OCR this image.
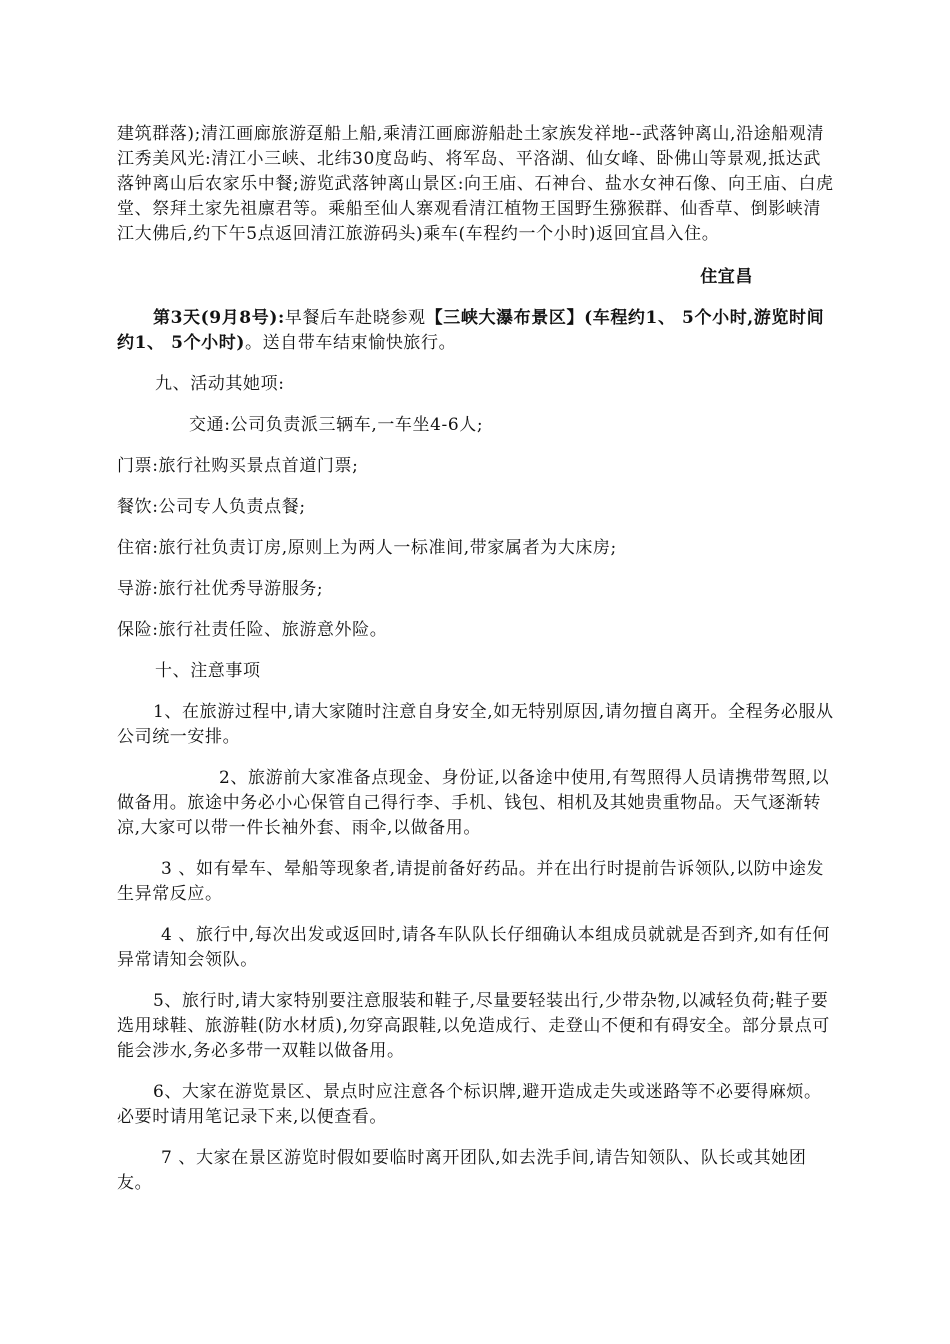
建筑群落);清江画廊旅游趸船上船,乘清江画廊游船赴土家族发祥地--武落钟离山,沿途船观清江秀美风光:清江小三峡、北纬30度岛屿、将军岛、平洛湖、仙女峰、卧佛山等景观,抵达武落钟离山后农家乐中餐;游览武落钟离山景区:向王庙、石神台、盐水女神石像、向王庙、白虎堂、祭拜土家先祖廪君等。乘船至仙人寨观看清江植物王国野生猕猴群、仙香草、倒影峡清江大佛后,约下午5点返回清江旅游码头)乘车(车程约一个小时)返回宜昌入住。

住宜昌

第3天(9月8号):早餐后车赴晓参观【三峡大瀑布景区】(车程约1、 5个小时,游览时间约1、 5个小时)。送自带车结束愉快旅行。

九、活动其她项:

交通:公司负责派三辆车,一车坐4-6人;

门票:旅行社购买景点首道门票;

餐饮:公司专人负责点餐;

住宿:旅行社负责订房,原则上为两人一标准间,带家属者为大床房;

导游:旅行社优秀导游服务;

保险:旅行社责任险、旅游意外险。

十、注意事项

1、在旅游过程中,请大家随时注意自身安全,如无特别原因,请勿擅自离开。全程务必服从公司统一安排。

2、旅游前大家准备点现金、身份证,以备途中使用,有驾照得人员请携带驾照,以做备用。旅途中务必小心保管自己得行李、手机、钱包、相机及其她贵重物品。天气逐渐转凉,大家可以带一件长袖外套、雨伞,以做备用。

3 、如有晕车、晕船等现象者,请提前备好药品。并在出行时提前告诉领队,以防中途发生异常反应。

4 、旅行中,每次出发或返回时,请各车队队长仔细确认本组成员就就是否到齐,如有任何异常请知会领队。

5、旅行时,请大家特别要注意服装和鞋子,尽量要轻装出行,少带杂物,以减轻负荷;鞋子要选用球鞋、旅游鞋(防水材质),勿穿高跟鞋,以免造成行、走登山不便和有碍安全。部分景点可能会涉水,务必多带一双鞋以做备用。

6、大家在游览景区、景点时应注意各个标识牌,避开造成走失或迷路等不必要得麻烦。必要时请用笔记录下来,以便查看。

7 、大家在景区游览时假如要临时离开团队,如去洗手间,请告知领队、队长或其她团友。
